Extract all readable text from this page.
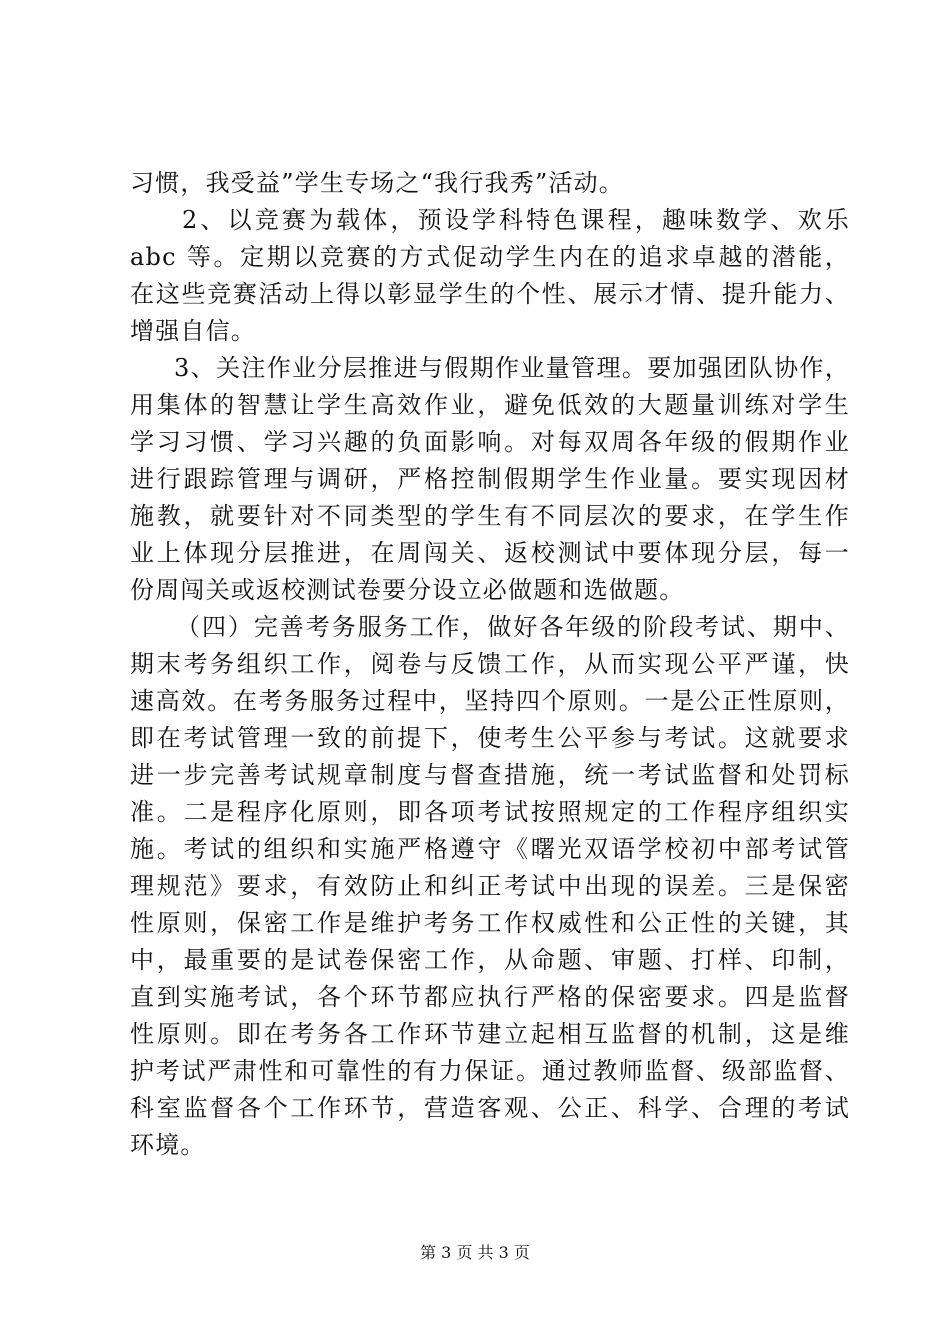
习惯，我受益”学生专场之“我行我秀”活动。
2、以竞赛为载体，预设学科特色课程，趣味数学、欢乐
abc 等。定期以竞赛的方式促动学生内在的追求卓越的潜能，
在这些竞赛活动上得以彰显学生的个性、展示才情、提升能力、
增强自信。
3、关注作业分层推进与假期作业量管理。要加强团队协作，
用集体的智慧让学生高效作业，避免低效的大题量训练对学生
学习习惯、学习兴趣的负面影响。对每双周各年级的假期作业
进行跟踪管理与调研，严格控制假期学生作业量。要实现因材
施教，就要针对不同类型的学生有不同层次的要求，在学生作
业上体现分层推进，在周闯关、返校测试中要体现分层，每一
份周闯关或返校测试卷要分设立必做题和选做题。
（四）完善考务服务工作，做好各年级的阶段考试、期中、
期末考务组织工作，阅卷与反馈工作，从而实现公平严谨，快
速高效。在考务服务过程中，坚持四个原则。一是公正性原则，
即在考试管理一致的前提下，使考生公平参与考试。这就要求
进一步完善考试规章制度与督查措施，统一考试监督和处罚标
准。二是程序化原则，即各项考试按照规定的工作程序组织实
施。考试的组织和实施严格遵守《曙光双语学校初中部考试管
理规范》要求，有效防止和纠正考试中出现的误差。三是保密
性原则，保密工作是维护考务工作权威性和公正性的关键，其
中，最重要的是试卷保密工作，从命题、审题、打样、印制，
直到实施考试，各个环节都应执行严格的保密要求。四是监督
性原则。即在考务各工作环节建立起相互监督的机制，这是维
护考试严肃性和可靠性的有力保证。通过教师监督、级部监督、
科室监督各个工作环节，营造客观、公正、科学、合理的考试
环境。
第 3 页 共 3 页
